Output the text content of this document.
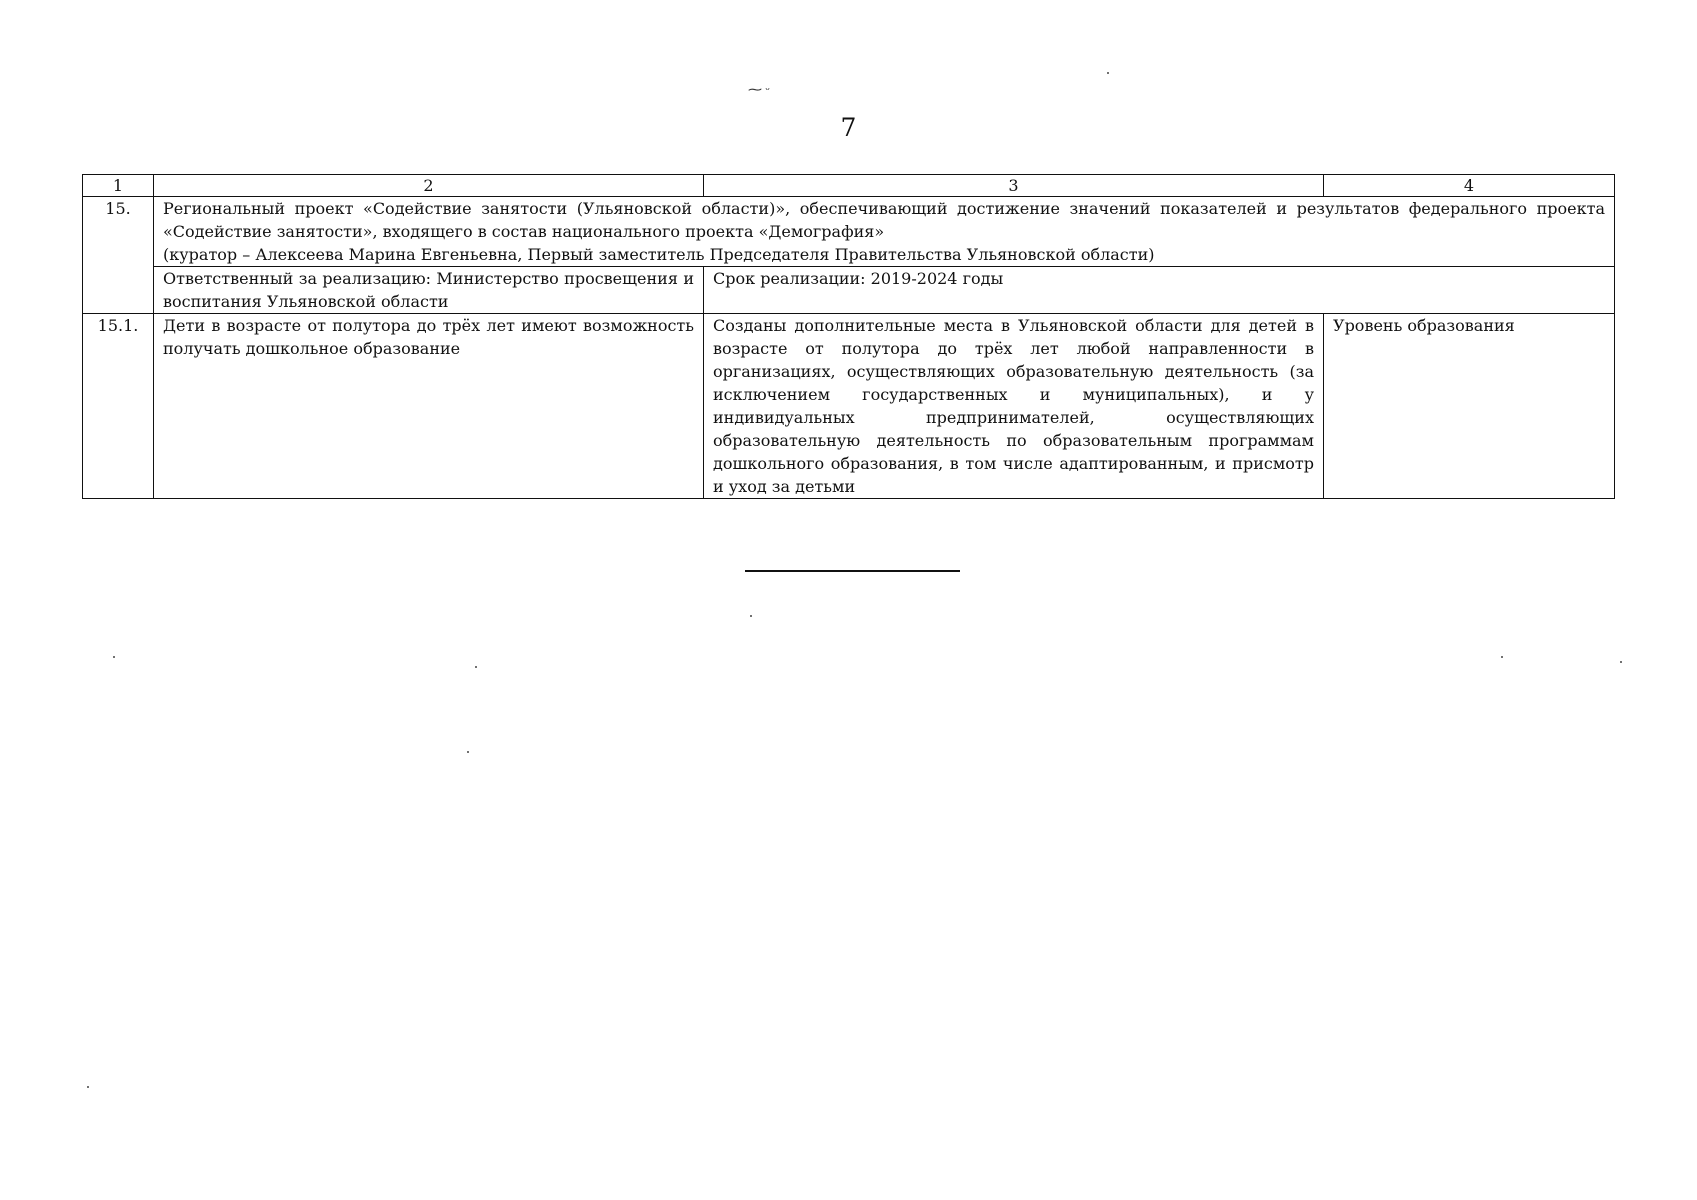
⁓ ᵕ
7
1	2	3	4
15.	Региональный проект «Содействие занятости (Ульяновской области)», обеспечивающий достижение значений показателей и результатов федерального проекта
«Содействие занятости», входящего в состав национального проекта «Демография»
(куратор – Алексеева Марина Евгеньевна, Первый заместитель Председателя Правительства Ульяновской области)		

	Ответственный за реализацию: Министерство просвещения и воспитания Ульяновской области	Срок реализации: 2019-2024 годы	
15.1.	Дети в возрасте от полутора до трёх лет имеют возможность получать дошкольное образование	Созданы дополнительные места в Ульяновской области для детей в возрасте от полутора до трёх лет любой направленности в организациях, осуществляющих образовательную деятельность (за исключением государственных и муниципальных), и у индивидуальных предпринимателей, осуществляющих образовательную деятельность по образовательным программам дошкольного образования, в том числе адаптированным, и присмотр и уход за детьми	Уровень образования
